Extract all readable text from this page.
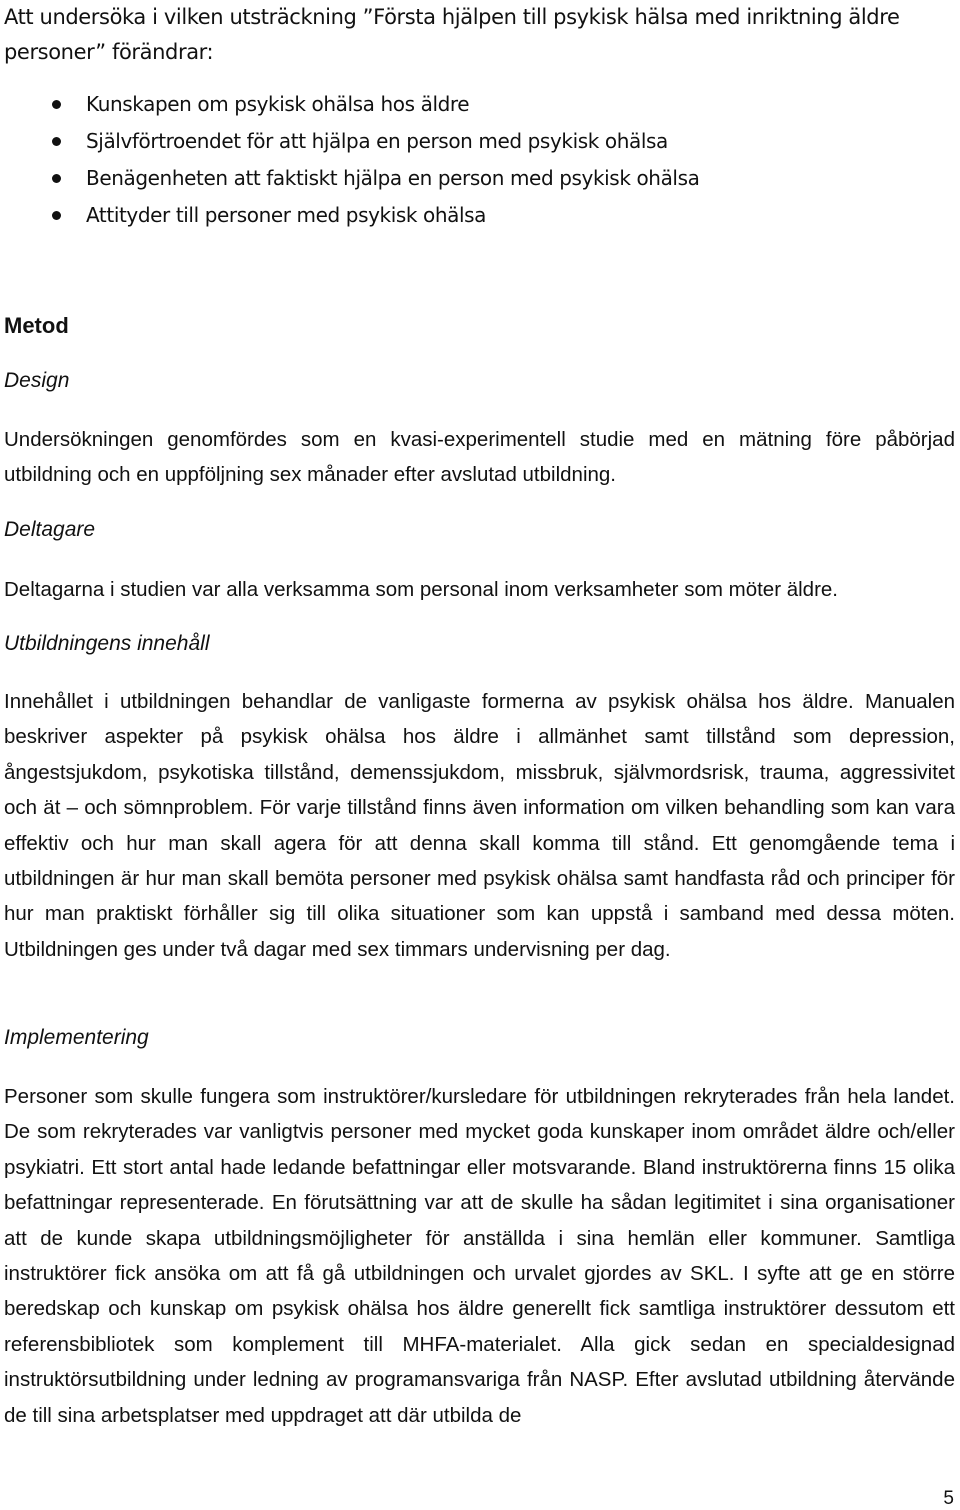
Att undersöka i vilken utsträckning ”Första hjälpen till psykisk hälsa med inriktning äldre personer” förändrar:
Kunskapen om psykisk ohälsa hos äldre
Självförtroendet för att hjälpa en person med psykisk ohälsa
Benägenheten att faktiskt hjälpa en person med psykisk ohälsa
Attityder till personer med psykisk ohälsa
Metod
Design

Undersökningen genomfördes som en kvasi-experimentell studie med en mätning före påbörjad utbildning och en uppföljning sex månader efter avslutad utbildning.

Deltagare

Deltagarna i studien var alla verksamma som personal inom verksamheter som möter äldre.

Utbildningens innehåll

Innehållet i utbildningen behandlar de vanligaste formerna av psykisk ohälsa hos äldre. Manualen beskriver aspekter på psykisk ohälsa hos äldre i allmänhet samt tillstånd som depression, ångestsjukdom, psykotiska tillstånd, demenssjukdom, missbruk, självmordsrisk, trauma, aggressivitet och ät – och sömnproblem. För varje tillstånd finns även information om vilken behandling som kan vara effektiv och hur man skall agera för att denna skall komma till stånd. Ett genomgående tema i utbildningen är hur man skall bemöta personer med psykisk ohälsa samt handfasta råd och principer för hur man praktiskt förhåller sig till olika situationer som kan uppstå i samband med dessa möten. Utbildningen ges under två dagar med sex timmars undervisning per dag.

Implementering

Personer som skulle fungera som instruktörer/kursledare för utbildningen rekryterades från hela landet. De som rekryterades var vanligtvis personer med mycket goda kunskaper inom området äldre och/eller psykiatri. Ett stort antal hade ledande befattningar eller motsvarande. Bland instruktörerna finns 15 olika befattningar representerade. En förutsättning var att de skulle ha sådan legitimitet i sina organisationer att de kunde skapa utbildningsmöjligheter för anställda i sina hemlän eller kommuner. Samtliga instruktörer fick ansöka om att få gå utbildningen och urvalet gjordes av SKL. I syfte att ge en större beredskap och kunskap om psykisk ohälsa hos äldre generellt fick samtliga instruktörer dessutom ett referensbibliotek som komplement till MHFA-materialet. Alla gick sedan en specialdesignad instruktörsutbildning under ledning av programansvariga från NASP. Efter avslutad utbildning återvände de till sina arbetsplatser med uppdraget att där utbilda de

5
